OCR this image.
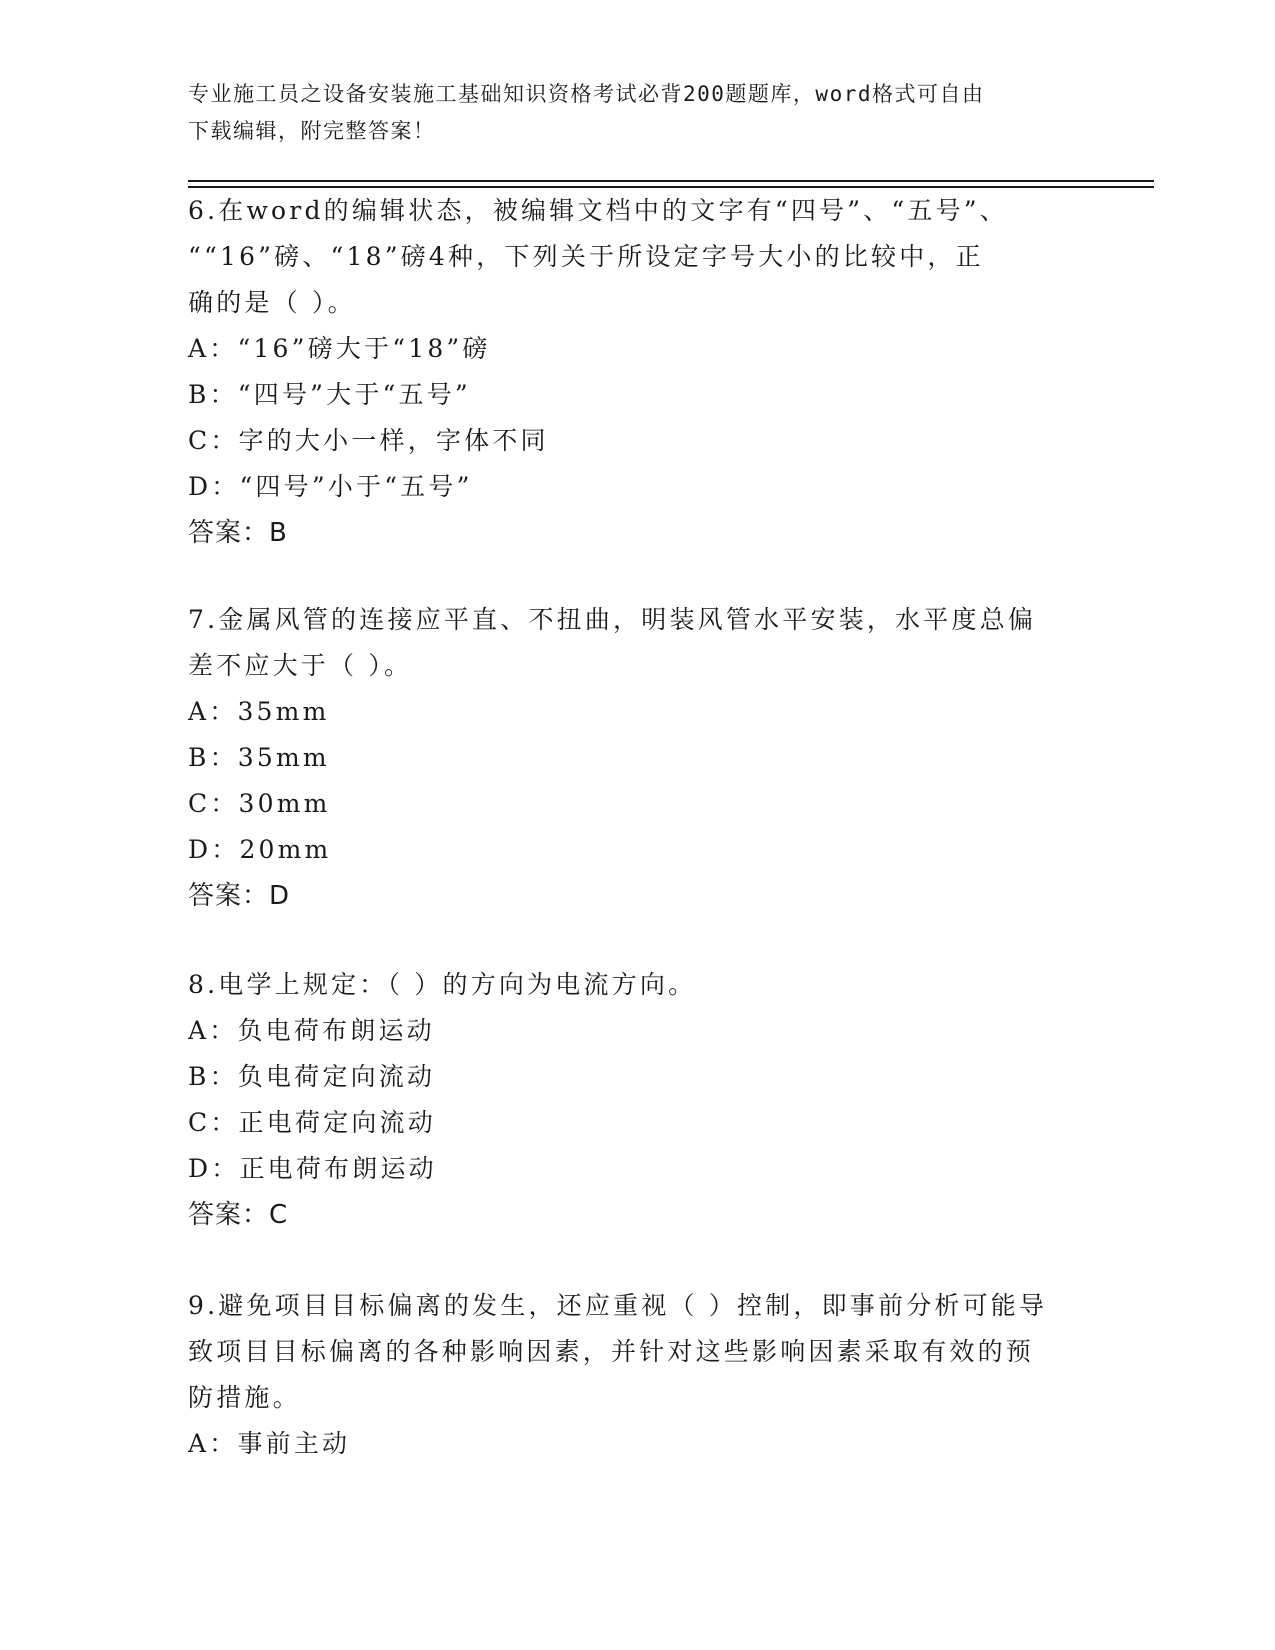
专业施工员之设备安装施工基础知识资格考试必背200题题库，word格式可自由
下载编辑，附完整答案！

6.在word的编辑状态，被编辑文档中的文字有“四号”、“五号”、

““16”磅、“18”磅4种，下列关于所设定字号大小的比较中，正

确的是（ ）。

A：“16”磅大于“18”磅

B：“四号”大于“五号”

C：字的大小一样，字体不同

D：“四号”小于“五号”

答案：B

7.金属风管的连接应平直、不扭曲，明装风管水平安装，水平度总偏

差不应大于（ ）。

A：35mm

B：35mm

C：30mm

D：20mm

答案：D

8.电学上规定：（ ）的方向为电流方向。

A：负电荷布朗运动

B：负电荷定向流动

C：正电荷定向流动

D：正电荷布朗运动

答案：C

9.避免项目目标偏离的发生，还应重视（ ）控制，即事前分析可能导

致项目目标偏离的各种影响因素，并针对这些影响因素采取有效的预

防措施。

A：事前主动
